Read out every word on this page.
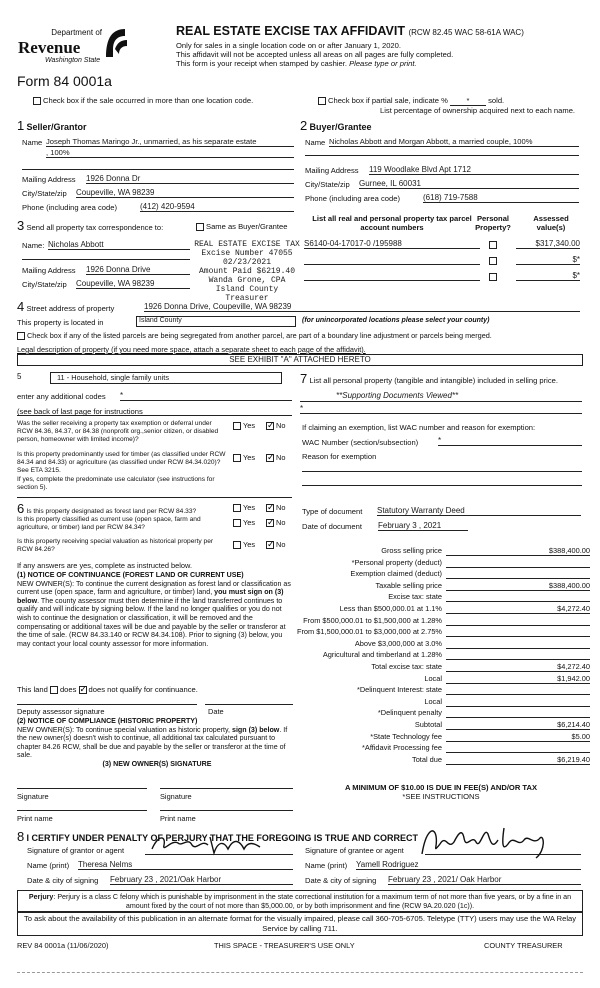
Department of
Revenue
Washington State
Form 84 0001a
REAL ESTATE EXCISE TAX AFFIDAVIT (RCW 82.45 WAC 58-61A WAC)
Only for sales in a single location code on or after January 1, 2020.
This affidavit will not be accepted unless all areas on all pages are fully completed.
This form is your receipt when stamped by cashier. Please type or print.
Check box if the sale occurred in more than one location code.	Check box if partial sale, indicate % * sold.
List percentage of ownership acquired next to each name.
1 Seller/Grantor
Name Joseph Thomas Maringo Jr., unmarried, as his separate estate
, 100%
Mailing Address 1926 Donna Dr
City/State/zip Coupeville, WA 98239
Phone (including area code)	(412) 420-9594
2 Buyer/Grantee
Name Nicholas Abbott and Morgan Abbott, a married couple, 100%
Mailing Address 119 Woodlake Blvd Apt 1712
City/State/zip Gurnee, IL 60031
Phone (including area code)	(618) 719-7588
3 Send all property tax correspondence to:	Same as Buyer/Grantee
Name: Nicholas Abbott
Mailing Address 1926 Donna Drive
City/State/zip Coupeville, WA 98239
REAL ESTATE EXCISE TAX
Excise Number 47055
02/23/2021
Amount Paid $6219.40
Wanda Grone, CPA
Island County Treasurer
List all real and personal property tax parcel account numbers
Personal Property?
Assessed value(s)
S6140-04-17017-0 /195988	$317,340.00
$*
$*
4 Street address of property	1926 Donna Drive, Coupeville, WA 98239
This property is located in	Island County	(for unincorporated locations please select your county)
Check box if any of the listed parcels are being segregated from another parcel, are part of a boundary line adjustment or parcels being merged.
Legal description of property (if you need more space, attach a separate sheet to each page of the affidavit).
SEE EXHIBIT "A" ATTACHED HERETO
5	11 - Household, single family units
enter any additional codes *
(see back of last page for instructions
Was the seller receiving a property tax exemption or deferral under RCW 84.36, 84.37, or 84.38 (nonprofit org.,senior citizen, or disabled person, homeowner with limited income)?
Yes ✓	No
Is this property predominantly used for timber (as classified under RCW 84.34 and 84.33) or agriculture (as classified under RCW 84.34.020)? See ETA 3215.
If yes, complete the predominate use calculator (see instructions for section 5).
Yes ✓	No
6 Is this property designated as forest land per RCW 84.33?	Yes ✓	No
Is this property classified as current use (open space, farm and agriculture, or timber) land per RCW 84.34?
Yes ✓	No
Is this property receiving special valuation as historical property per RCW 84.26?
Yes ✓	No
If any answers are yes, complete as instructed below.
(1) NOTICE OF CONTINUANCE (FOREST LAND OR CURRENT USE)
NEW OWNER(S): To continue the current designation as forest land or classification as current use (open space, farm and agriculture, or timber) land, you must sign on (3) below. The county assessor must then determine if the land transferred continues to qualify and will indicate by signing below. If the land no longer qualifies or you do not wish to continue the designation or classification, it will be removed and the compensating or additional taxes will be due and payable by the seller or transferor at the time of sale. (RCW 84.33.140 or RCW 84.34.108). Prior to signing (3) below, you may contact your local county assessor for more information.
This land does ✓ does not qualify for continuance.
Deputy assessor signature	Date
(2) NOTICE OF COMPLIANCE (HISTORIC PROPERTY)
NEW OWNER(S): To continue special valuation as historic property, sign (3) below. If the new owner(s) doesn't wish to continue, all additional tax calculated pursuant to chapter 84.26 RCW, shall be due and payable by the seller or transferor at the time of sale.
(3) NEW OWNER(S) SIGNATURE
Signature	Signature
Print name	Print name
7 List all personal property (tangible and intangible) included in selling price.
**Supporting Documents Viewed**
*
If claiming an exemption, list WAC number and reason for exemption:
WAC Number (section/subsection) *
Reason for exemption
Type of document Statutory Warranty Deed
Date of document February 3 , 2021
Gross selling price	$388,400.00
*Personal property (deduct)
Exemption claimed (deduct)
Taxable selling price	$388,400.00
Excise tax: state
Less than $500,000.01 at 1.1%	$4,272.40
From $500,000.01 to $1,500,000 at 1.28%
From $1,500,000.01 to $3,000,000 at 2.75%
Above $3,000,000 at 3.0%
Agricultural and timberland at 1.28%
Total excise tax: state	$4,272.40
Local	$1,942.00
*Delinquent Interest: state
Local
*Delinquent penalty
Subtotal	$6,214.40
*State Technology fee	$5.00
*Affidavit Processing fee
Total due	$6,219.40
A MINIMUM OF $10.00 IS DUE IN FEE(S) AND/OR TAX
*SEE INSTRUCTIONS
8 I CERTIFY UNDER PENALTY OF PERJURY THAT THE FOREGOING IS TRUE AND CORRECT
Signature of grantor or agent	Signature of grantee or agent
Name (print) Theresa Nelms	Name (print) Yamell Rodriguez
Date & city of signing February 23 , 2021/Oak Harbor	Date & city of signing February 23 , 2021/ Oak Harbor
Perjury: Perjury is a class C felony which is punishable by imprisonment in the state correctional institution for a maximum term of not more than five years, or by a fine in an amount fixed by the court of not more than $5,000.00, or by both imprisonment and fine (RCW 9A.20.020 (1c)).
To ask about the availability of this publication in an alternate format for the visually impaired, please call 360-705-6705. Teletype (TTY) users may use the WA Relay Service by calling 711.
REV 84 0001a (11/06/2020)	THIS SPACE - TREASURER'S USE ONLY	COUNTY TREASURER
